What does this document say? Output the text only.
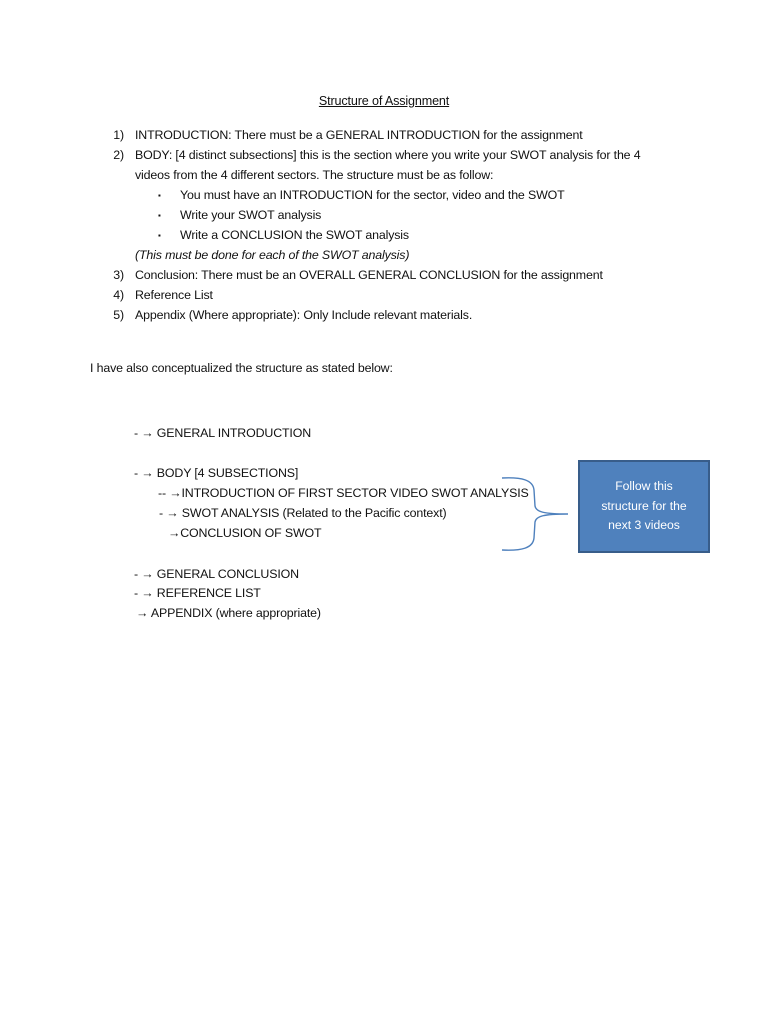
Structure of Assignment
1) INTRODUCTION: There must be a GENERAL INTRODUCTION for the assignment
2) BODY: [4 distinct subsections] this is the section where you write your SWOT analysis for the 4
videos from the 4 different sectors. The structure must be as follow:
▪ You must have an INTRODUCTION for the sector, video and the SWOT
▪ Write your SWOT analysis
▪ Write a CONCLUSION the SWOT analysis
(This must be done for each of the SWOT analysis)
3) Conclusion: There must be an OVERALL GENERAL CONCLUSION for the assignment
4) Reference List
5) Appendix (Where appropriate): Only Include relevant materials.
I have also conceptualized the structure as stated below:
- → GENERAL INTRODUCTION
- → BODY [4 SUBSECTIONS]
-- →INTRODUCTION OF FIRST SECTOR VIDEO SWOT ANALYSIS
- → SWOT ANALYSIS (Related to the Pacific context)
→CONCLUSION OF SWOT
- → GENERAL CONCLUSION
- → REFERENCE LIST
→ APPENDIX (where appropriate)
Follow this
structure for the
next 3 videos
